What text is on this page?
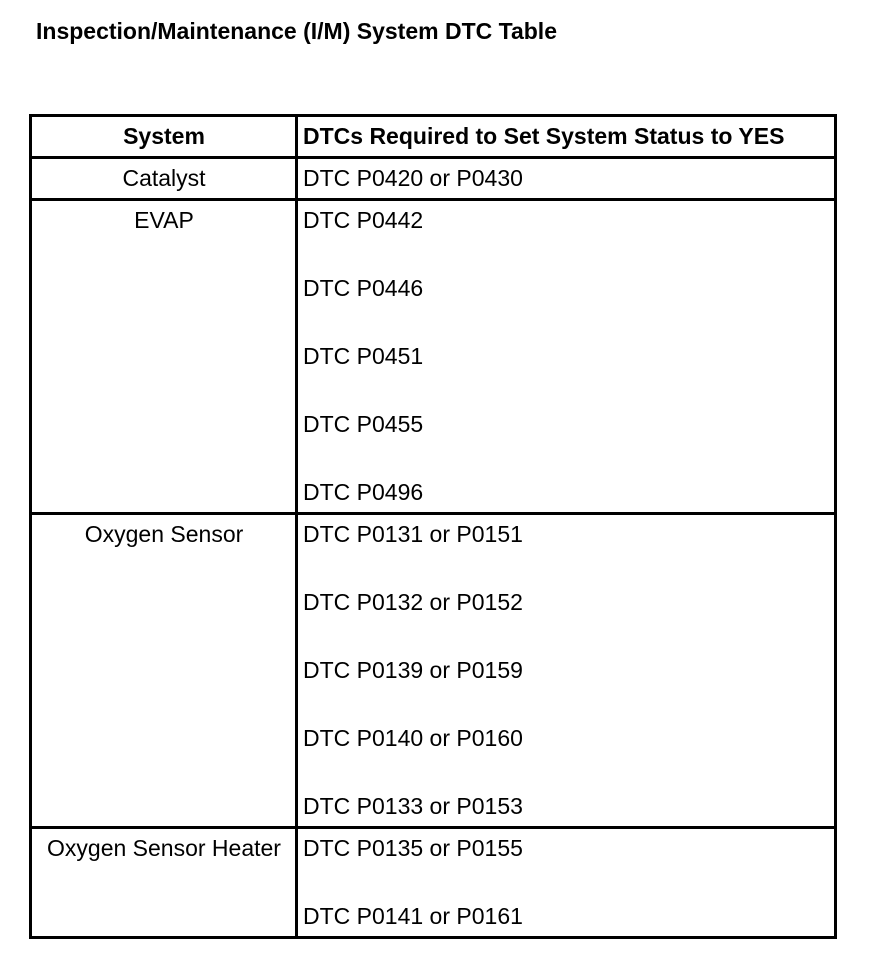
Inspection/Maintenance (I/M) System DTC Table
System	DTCs Required to Set System Status to YES
Catalyst	DTC P0420 or P0430

EVAP	DTC P0442
DTC P0446
DTC P0451
DTC P0455
DTC P0496

Oxygen Sensor	DTC P0131 or P0151
DTC P0132 or P0152
DTC P0139 or P0159
DTC P0140 or P0160
DTC P0133 or P0153

Oxygen Sensor Heater	DTC P0135 or P0155
DTC P0141 or P0161
